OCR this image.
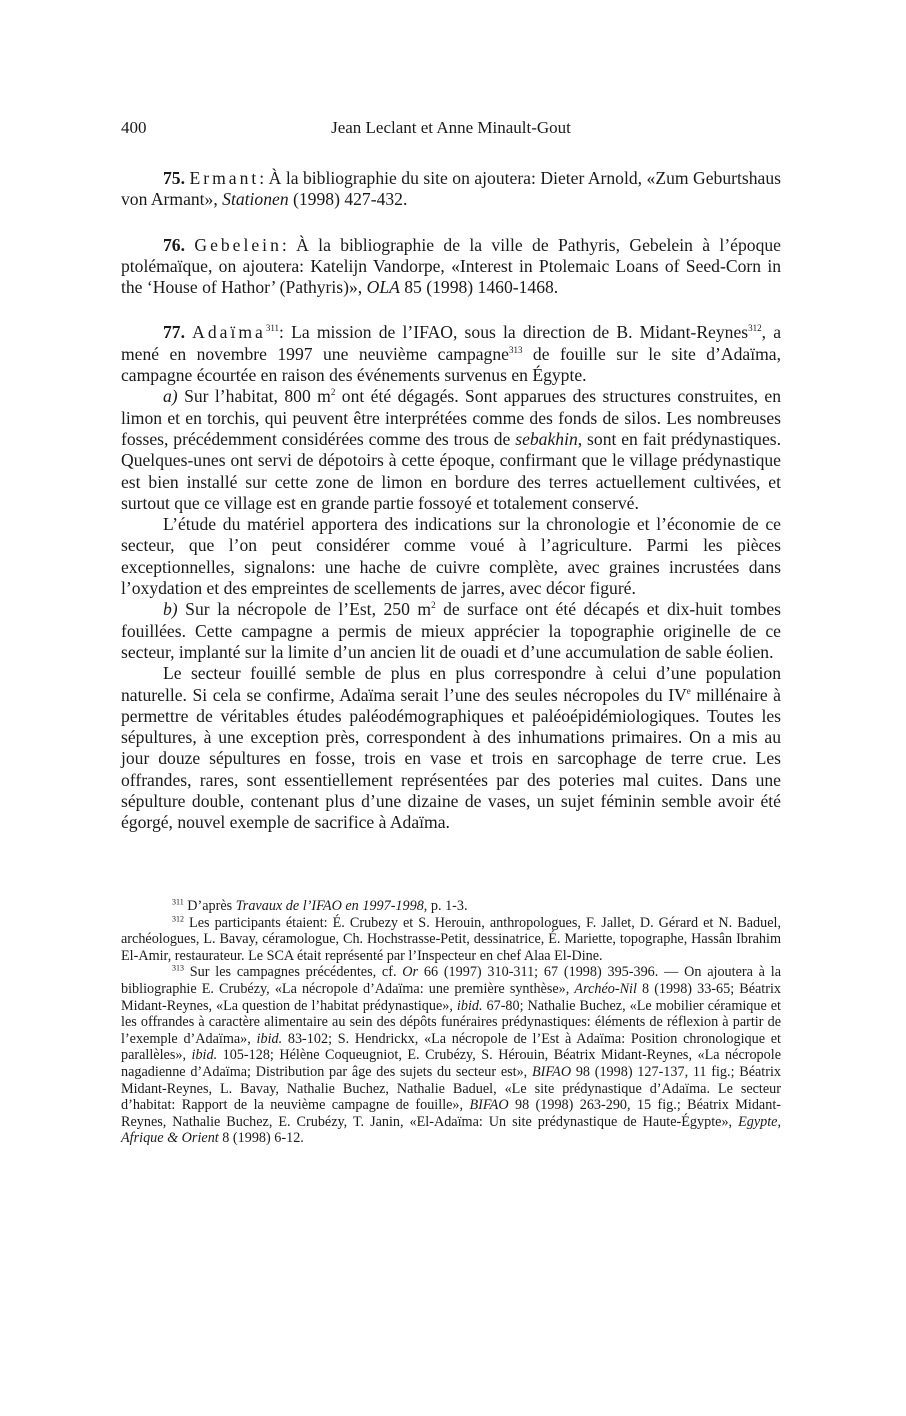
400	Jean Leclant et Anne Minault-Gout

75. Ermant: À la bibliographie du site on ajoutera: Dieter Arnold, «Zum Geburtshaus von Armant», Stationen (1998) 427-432.

76. Gebelein: À la bibliographie de la ville de Pathyris, Gebelein à l’époque ptolémaïque, on ajoutera: Katelijn Vandorpe, «Interest in Ptolemaic Loans of Seed-Corn in the ‘House of Hathor’ (Pathyris)», OLA 85 (1998) 1460-1468.

77. Adaïma$^{311}$: La mission de l’IFAO, sous la direction de B. Midant-Reynes$^{312}$, a mené en novembre 1997 une neuvième campagne$^{313}$ de fouille sur le site d’Adaïma, campagne écourtée en raison des événements survenus en Égypte.

a) Sur l’habitat, 800 $m^2$ ont été dégagés. Sont apparues des structures construites, en limon et en torchis, qui peuvent être interprétées comme des fonds de silos. Les nombreuses fosses, précédemment considérées comme des trous de sebakhin, sont en fait prédynastiques. Quelques-unes ont servi de dépotoirs à cette époque, confirmant que le village prédynastique est bien installé sur cette zone de limon en bordure des terres actuellement cultivées, et surtout que ce village est en grande partie fossoyé et totalement conservé.

L’étude du matériel apportera des indications sur la chronologie et l’économie de ce secteur, que l’on peut considérer comme voué à l’agriculture. Parmi les pièces exceptionnelles, signalons: une hache de cuivre complète, avec graines incrustées dans l’oxydation et des empreintes de scellements de jarres, avec décor figuré.

b) Sur la nécropole de l’Est, 250 $m^2$ de surface ont été décapés et dix-huit tombes fouillées. Cette campagne a permis de mieux apprécier la topographie originelle de ce secteur, implanté sur la limite d’un ancien lit de ouadi et d’une accumulation de sable éolien.

Le secteur fouillé semble de plus en plus correspondre à celui d’une population naturelle. Si cela se confirme, Adaïma serait l’une des seules nécropoles du IVe millénaire à permettre de véritables études paléodémographiques et paléoépidémiologiques. Toutes les sépultures, à une exception près, correspondent à des inhumations primaires. On a mis au jour douze sépultures en fosse, trois en vase et trois en sarcophage de terre crue. Les offrandes, rares, sont essentiellement représentées par des poteries mal cuites. Dans une sépulture double, contenant plus d’une dizaine de vases, un sujet féminin semble avoir été égorgé, nouvel exemple de sacrifice à Adaïma.

$^{311}$ D’après Travaux de l’IFAO en 1997-1998, p. 1-3.

$^{312}$ Les participants étaient: É. Crubezy et S. Herouin, anthropologues, F. Jallet, D. Gérard et N. Baduel, archéologues, L. Bavay, céramologue, Ch. Hochstrasse-Petit, dessinatrice, É. Mariette, topographe, Hassân Ibrahim El-Amir, restaurateur. Le SCA était représenté par l’Inspecteur en chef Alaa El-Dine.

$^{313}$ Sur les campagnes précédentes, cf. Or 66 (1997) 310-311; 67 (1998) 395-396. — On ajoutera à la bibliographie E. Crubézy, «La nécropole d’Adaïma: une première synthèse», Archéo-Nil 8 (1998) 33-65; Béatrix Midant-Reynes, «La question de l’habitat prédynastique», ibid. 67-80; Nathalie Buchez, «Le mobilier céramique et les offrandes à caractère alimentaire au sein des dépôts funéraires prédynastiques: éléments de réflexion à partir de l’exemple d’Adaïma», ibid. 83-102; S. Hendrickx, «La nécropole de l’Est à Adaïma: Position chronologique et parallèles», ibid. 105-128; Hélène Coqueugniot, E. Crubézy, S. Hérouin, Béatrix Midant-Reynes, «La nécropole nagadienne d’Adaïma; Distribution par âge des sujets du secteur est», BIFAO 98 (1998) 127-137, 11 fig.; Béatrix Midant-Reynes, L. Bavay, Nathalie Buchez, Nathalie Baduel, «Le site prédynastique d’Adaïma. Le secteur d’habitat: Rapport de la neuvième campagne de fouille», BIFAO 98 (1998) 263-290, 15 fig.; Béatrix Midant-Reynes, Nathalie Buchez, E. Crubézy, T. Janin, «El-Adaïma: Un site prédynastique de Haute-Égypte», Egypte, Afrique & Orient 8 (1998) 6-12.
